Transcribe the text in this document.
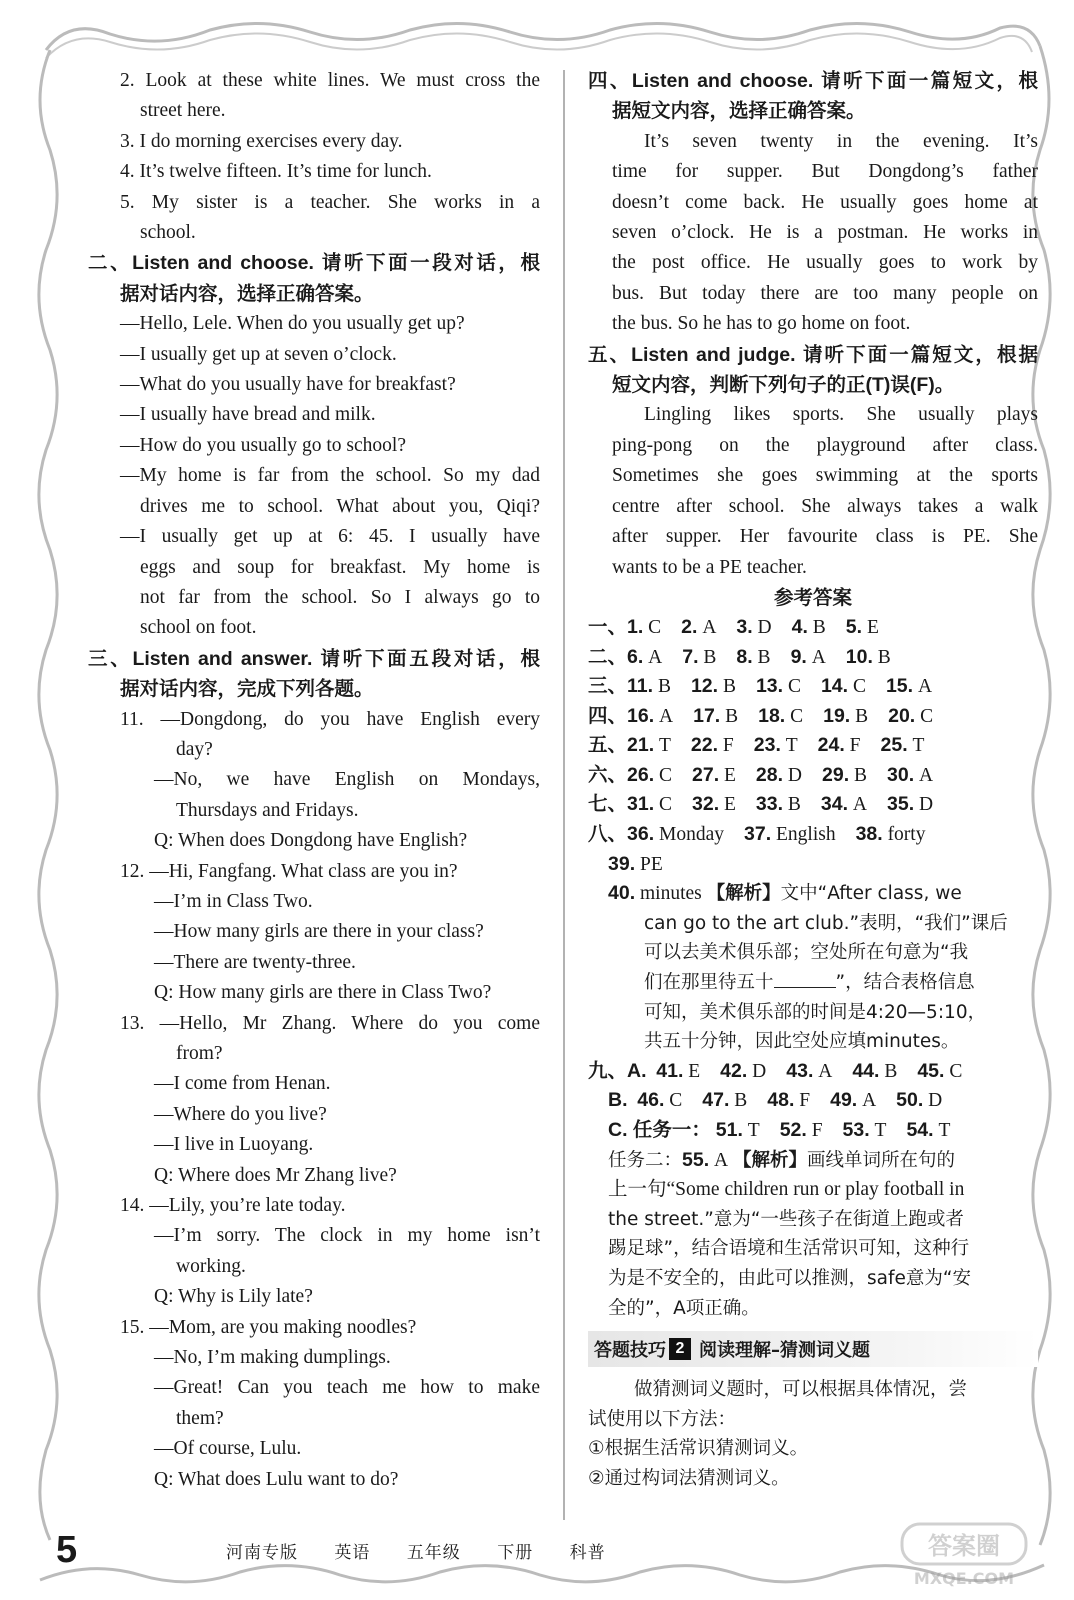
2. Look at these white lines. We must cross the
street here.
3. I do morning exercises every day.
4. It’s twelve fifteen. It’s time for lunch.
5. My sister is a teacher. She works in a
school.
二、Listen and choose. 请听下面一段对话，根
据对话内容，选择正确答案。
—Hello, Lele. When do you usually get up?
—I usually get up at seven o’clock.
—What do you usually have for breakfast?
—I usually have bread and milk.
—How do you usually go to school?
—My home is far from the school. So my dad
drives me to school. What about you, Qiqi?
—I usually get up at 6: 45. I usually have
eggs and soup for breakfast. My home is
not far from the school. So I always go to
school on foot.
三、Listen and answer. 请听下面五段对话，根
据对话内容，完成下列各题。
11. —Dongdong, do you have English every
day?
—No, we have English on Mondays,
Thursdays and Fridays.
Q: When does Dongdong have English?
12. —Hi, Fangfang. What class are you in?
—I’m in Class Two.
—How many girls are there in your class?
—There are twenty-three.
Q: How many girls are there in Class Two?
13. —Hello, Mr Zhang. Where do you come
from?
—I come from Henan.
—Where do you live?
—I live in Luoyang.
Q: Where does Mr Zhang live?
14. —Lily, you’re late today.
—I’m sorry. The clock in my home isn’t
working.
Q: Why is Lily late?
15. —Mom, are you making noodles?
—No, I’m making dumplings.
—Great! Can you teach me how to make
them?
—Of course, Lulu.
Q: What does Lulu want to do?
四、Listen and choose. 请听下面一篇短文，根
据短文内容，选择正确答案。
It’s seven twenty in the evening. It’s
time for supper. But Dongdong’s father
doesn’t come back. He usually goes home at
seven o’clock. He is a postman. He works in
the post office. He usually goes to work by
bus. But today there are too many people on
the bus. So he has to go home on foot.
五、Listen and judge. 请听下面一篇短文，根据
短文内容，判断下列句子的正(T)误(F)。
Lingling likes sports. She usually plays
ping-pong on the playground after class.
Sometimes she goes swimming at the sports
centre after school. She always takes a walk
after supper. Her favourite class is PE. She
wants to be a PE teacher.
参考答案
一、1. C 2. A 3. D 4. B 5. E
二、6. A 7. B 8. B 9. A 10. B
三、11. B 12. B 13. C 14. C 15. A
四、16. A 17. B 18. C 19. B 20. C
五、21. T 22. F 23. T 24. F 25. T
六、26. C 27. E 28. D 29. B 30. A
七、31. C 32. E 33. B 34. A 35. D
八、36. Monday 37. English 38. forty
39. PE
40. minutes 【解析】文中“After class, we
can go to the art club.”表明，“我们”课后
可以去美术俱乐部；空处所在句意为“我
们在那里待五十	”，结合表格信息
可知，美术俱乐部的时间是4:20—5:10，
共五十分钟，因此空处应填minutes。
九、A. 41. E 42. D 43. A 44. B 45. C
B. 46. C 47. B 48. F 49. A 50. D
C. 任务一： 51. T 52. F 53. T 54. T
任务二：55. A 【解析】画线单词所在句的
上一句“Some children run or play football in
the street.”意为“一些孩子在街道上跑或者
踢足球”，结合语境和生活常识可知，这种行
为是不安全的，由此可以推测，safe意为“安
全的”，A项正确。
答题技巧 2 阅读理解–猜测词义题
做猜测词义题时，可以根据具体情况，尝
试使用以下方法：
①根据生活常识猜测词义。
②通过构词法猜测词义。
5	河南专版 英语 五年级 下册 科普	答案圈
MXQE.COM
